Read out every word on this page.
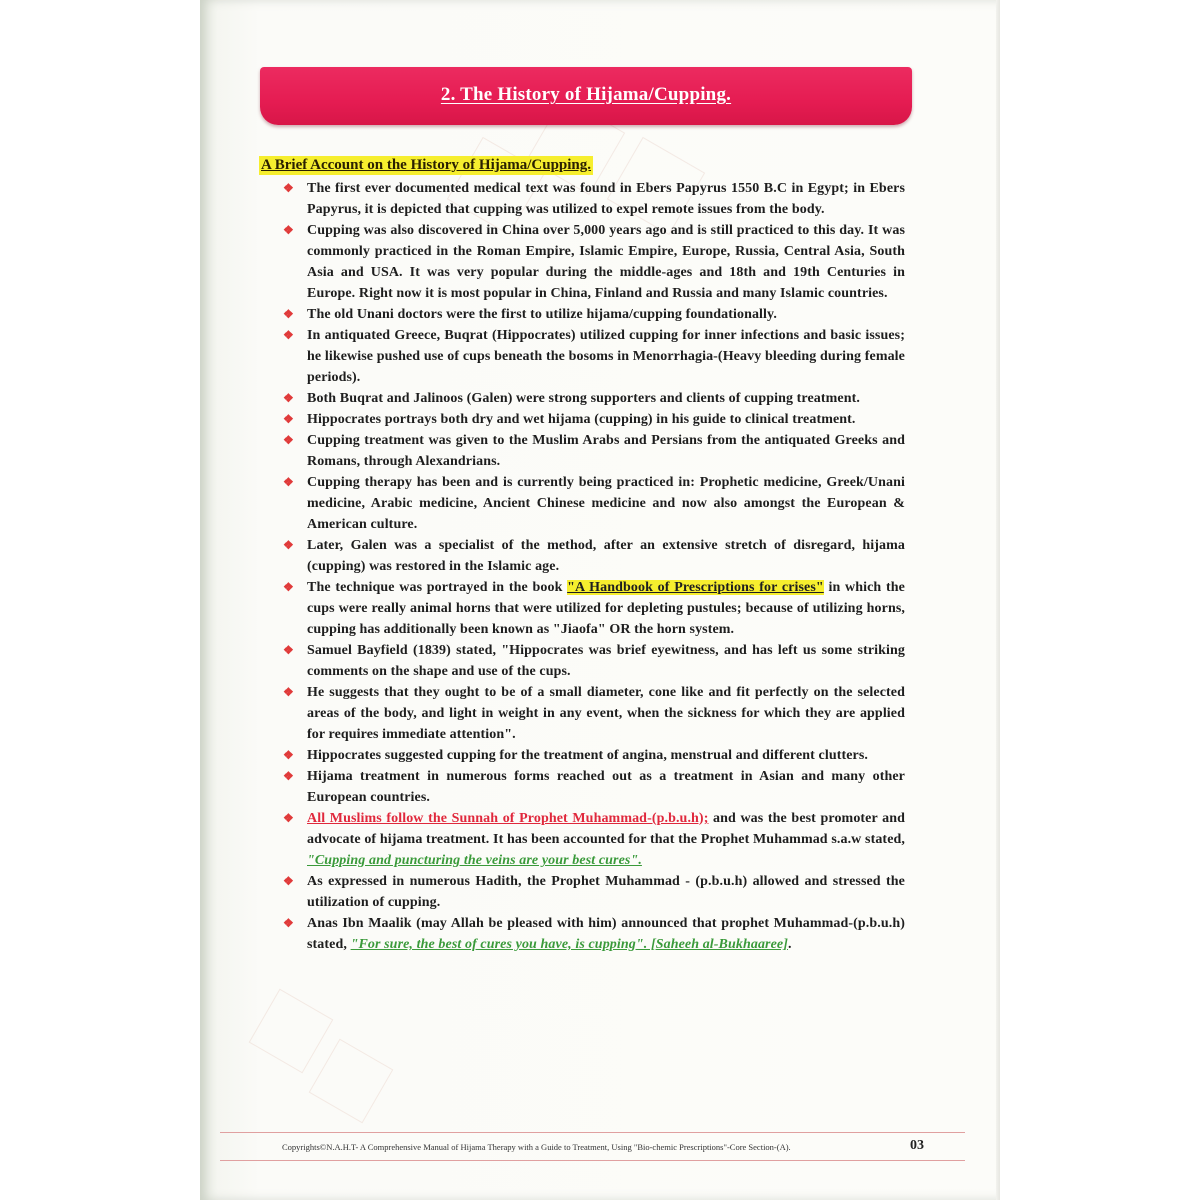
2. The History of Hijama/Cupping.
A Brief Account on the History of Hijama/Cupping.
❖ The first ever documented medical text was found in Ebers Papyrus 1550 B.C in Egypt; in Ebers Papyrus, it is depicted that cupping was utilized to expel remote issues from the body.
❖ Cupping was also discovered in China over 5,000 years ago and is still practiced to this day. It was commonly practiced in the Roman Empire, Islamic Empire, Europe, Russia, Central Asia, South Asia and USA. It was very popular during the middle-ages and 18th and 19th Centuries in Europe. Right now it is most popular in China, Finland and Russia and many Islamic countries.
❖ The old Unani doctors were the first to utilize hijama/cupping foundationally.
❖ In antiquated Greece, Buqrat (Hippocrates) utilized cupping for inner infections and basic issues; he likewise pushed use of cups beneath the bosoms in Menorrhagia-(Heavy bleeding during female periods).
❖ Both Buqrat and Jalinoos (Galen) were strong supporters and clients of cupping treatment.
❖ Hippocrates portrays both dry and wet hijama (cupping) in his guide to clinical treatment.
❖ Cupping treatment was given to the Muslim Arabs and Persians from the antiquated Greeks and Romans, through Alexandrians.
❖ Cupping therapy has been and is currently being practiced in: Prophetic medicine, Greek/Unani medicine, Arabic medicine, Ancient Chinese medicine and now also amongst the European & American culture.
❖ Later, Galen was a specialist of the method, after an extensive stretch of disregard, hijama (cupping) was restored in the Islamic age.
❖ The technique was portrayed in the book "A Handbook of Prescriptions for crises" in which the cups were really animal horns that were utilized for depleting pustules; because of utilizing horns, cupping has additionally been known as "Jiaofa" OR the horn system.
❖ Samuel Bayfield (1839) stated, "Hippocrates was brief eyewitness, and has left us some striking comments on the shape and use of the cups.
❖ He suggests that they ought to be of a small diameter, cone like and fit perfectly on the selected areas of the body, and light in weight in any event, when the sickness for which they are applied for requires immediate attention".
❖ Hippocrates suggested cupping for the treatment of angina, menstrual and different clutters.
❖ Hijama treatment in numerous forms reached out as a treatment in Asian and many other European countries.
❖ All Muslims follow the Sunnah of Prophet Muhammad-(p.b.u.h); and was the best promoter and advocate of hijama treatment. It has been accounted for that the Prophet Muhammad s.a.w stated, "Cupping and puncturing the veins are your best cures".
❖ As expressed in numerous Hadith, the Prophet Muhammad - (p.b.u.h) allowed and stressed the utilization of cupping.
❖ Anas Ibn Maalik (may Allah be pleased with him) announced that prophet Muhammad-(p.b.u.h) stated, "For sure, the best of cures you have, is cupping". [Saheeh al-Bukhaaree].
Copyrights©N.A.H.T- A Comprehensive Manual of Hijama Therapy with a Guide to Treatment, Using "Bio-chemic Prescriptions"-Core Section-(A).	03
